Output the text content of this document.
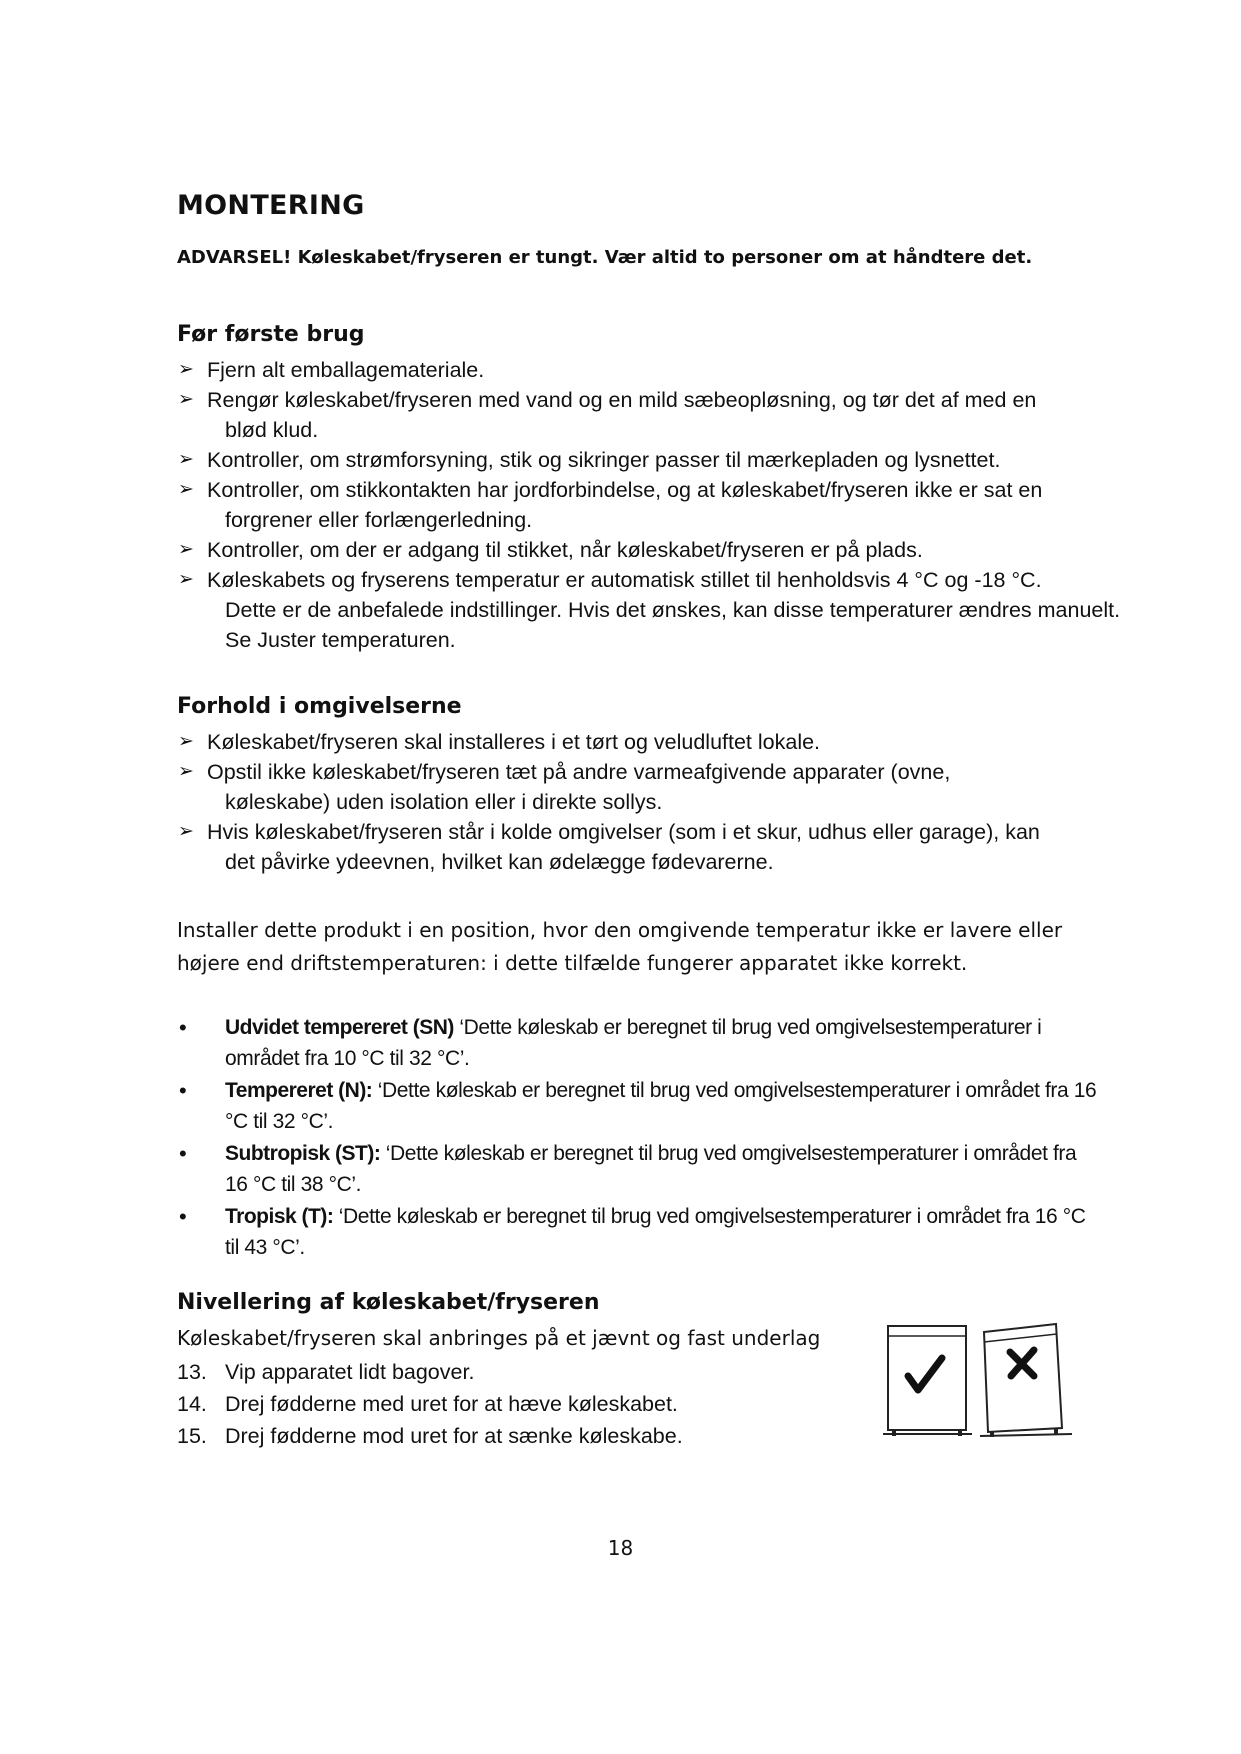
MONTERING
ADVARSEL! Køleskabet/fryseren er tungt. Vær altid to personer om at håndtere det.
Før første brug
➢ Fjern alt emballagemateriale.
➢ Rengør køleskabet/fryseren med vand og en mild sæbeopløsning, og tør det af med en
blød klud.
➢ Kontroller, om strømforsyning, stik og sikringer passer til mærkepladen og lysnettet.
➢ Kontroller, om stikkontakten har jordforbindelse, og at køleskabet/fryseren ikke er sat en
forgrener eller forlængerledning.
➢ Kontroller, om der er adgang til stikket, når køleskabet/fryseren er på plads.
➢ Køleskabets og fryserens temperatur er automatisk stillet til henholdsvis 4 °C og -18 °C.
Dette er de anbefalede indstillinger. Hvis det ønskes, kan disse temperaturer ændres manuelt. Se Juster temperaturen.
Forhold i omgivelserne
➢ Køleskabet/fryseren skal installeres i et tørt og veludluftet lokale.
➢ Opstil ikke køleskabet/fryseren tæt på andre varmeafgivende apparater (ovne,
køleskabe) uden isolation eller i direkte sollys.
➢ Hvis køleskabet/fryseren står i kolde omgivelser (som i et skur, udhus eller garage), kan
det påvirke ydeevnen, hvilket kan ødelægge fødevarerne.
Installer dette produkt i en position, hvor den omgivende temperatur ikke er lavere eller højere end driftstemperaturen: i dette tilfælde fungerer apparatet ikke korrekt.
• Udvidet tempereret (SN) ‘Dette køleskab er beregnet til brug ved omgivelsestemperaturer i området fra 10 °C til 32 °C’.
• Tempereret (N): ‘Dette køleskab er beregnet til brug ved omgivelsestemperaturer i området fra 16 °C til 32 °C’.
• Subtropisk (ST): ‘Dette køleskab er beregnet til brug ved omgivelsestemperaturer i området fra 16 °C til 38 °C’.
• Tropisk (T): ‘Dette køleskab er beregnet til brug ved omgivelsestemperaturer i området fra 16 °C til 43 °C’.
Nivellering af køleskabet/fryseren
Køleskabet/fryseren skal anbringes på et jævnt og fast underlag
13. Vip apparatet lidt bagover.
14. Drej fødderne med uret for at hæve køleskabet.
15. Drej fødderne mod uret for at sænke køleskabe.
18
